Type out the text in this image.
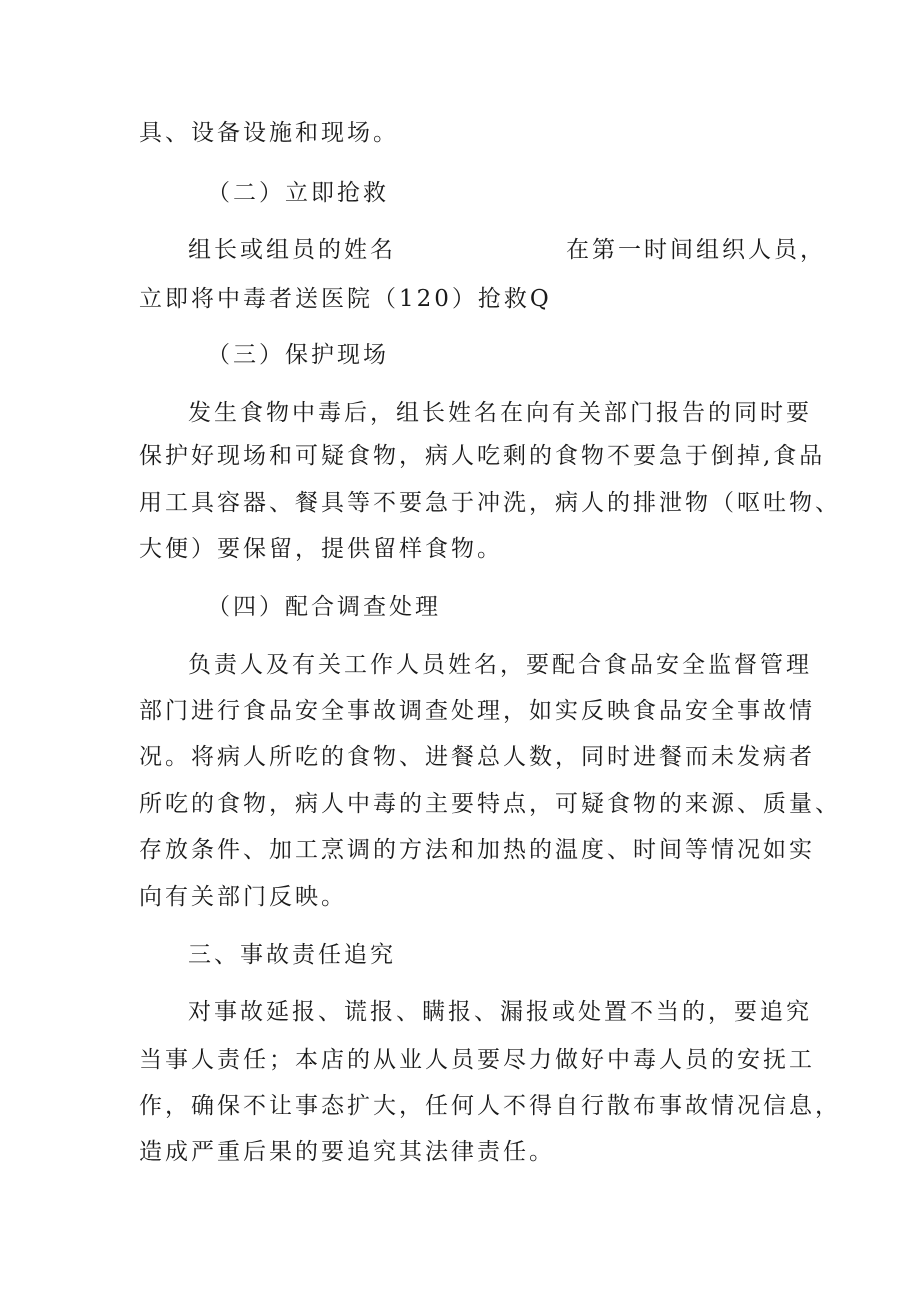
具、设备设施和现场。
（二）立即抢救
组长或组员的姓名	在第一时间组织人员，
立即将中毒者送医院（120）抢救Q
（三）保护现场
发生食物中毒后，组长姓名在向有关部门报告的同时要
保护好现场和可疑食物，病人吃剩的食物不要急于倒掉,食品
用工具容器、餐具等不要急于冲洗，病人的排泄物（呕吐物、
大便）要保留，提供留样食物。
（四）配合调查处理
负责人及有关工作人员姓名，要配合食品安全监督管理
部门进行食品安全事故调查处理，如实反映食品安全事故情
况。将病人所吃的食物、进餐总人数，同时进餐而未发病者
所吃的食物，病人中毒的主要特点，可疑食物的来源、质量、
存放条件、加工烹调的方法和加热的温度、时间等情况如实
向有关部门反映。
三、事故责任追究
对事故延报、谎报、瞒报、漏报或处置不当的，要追究
当事人责任；本店的从业人员要尽力做好中毒人员的安抚工
作，确保不让事态扩大，任何人不得自行散布事故情况信息，
造成严重后果的要追究其法律责任。
